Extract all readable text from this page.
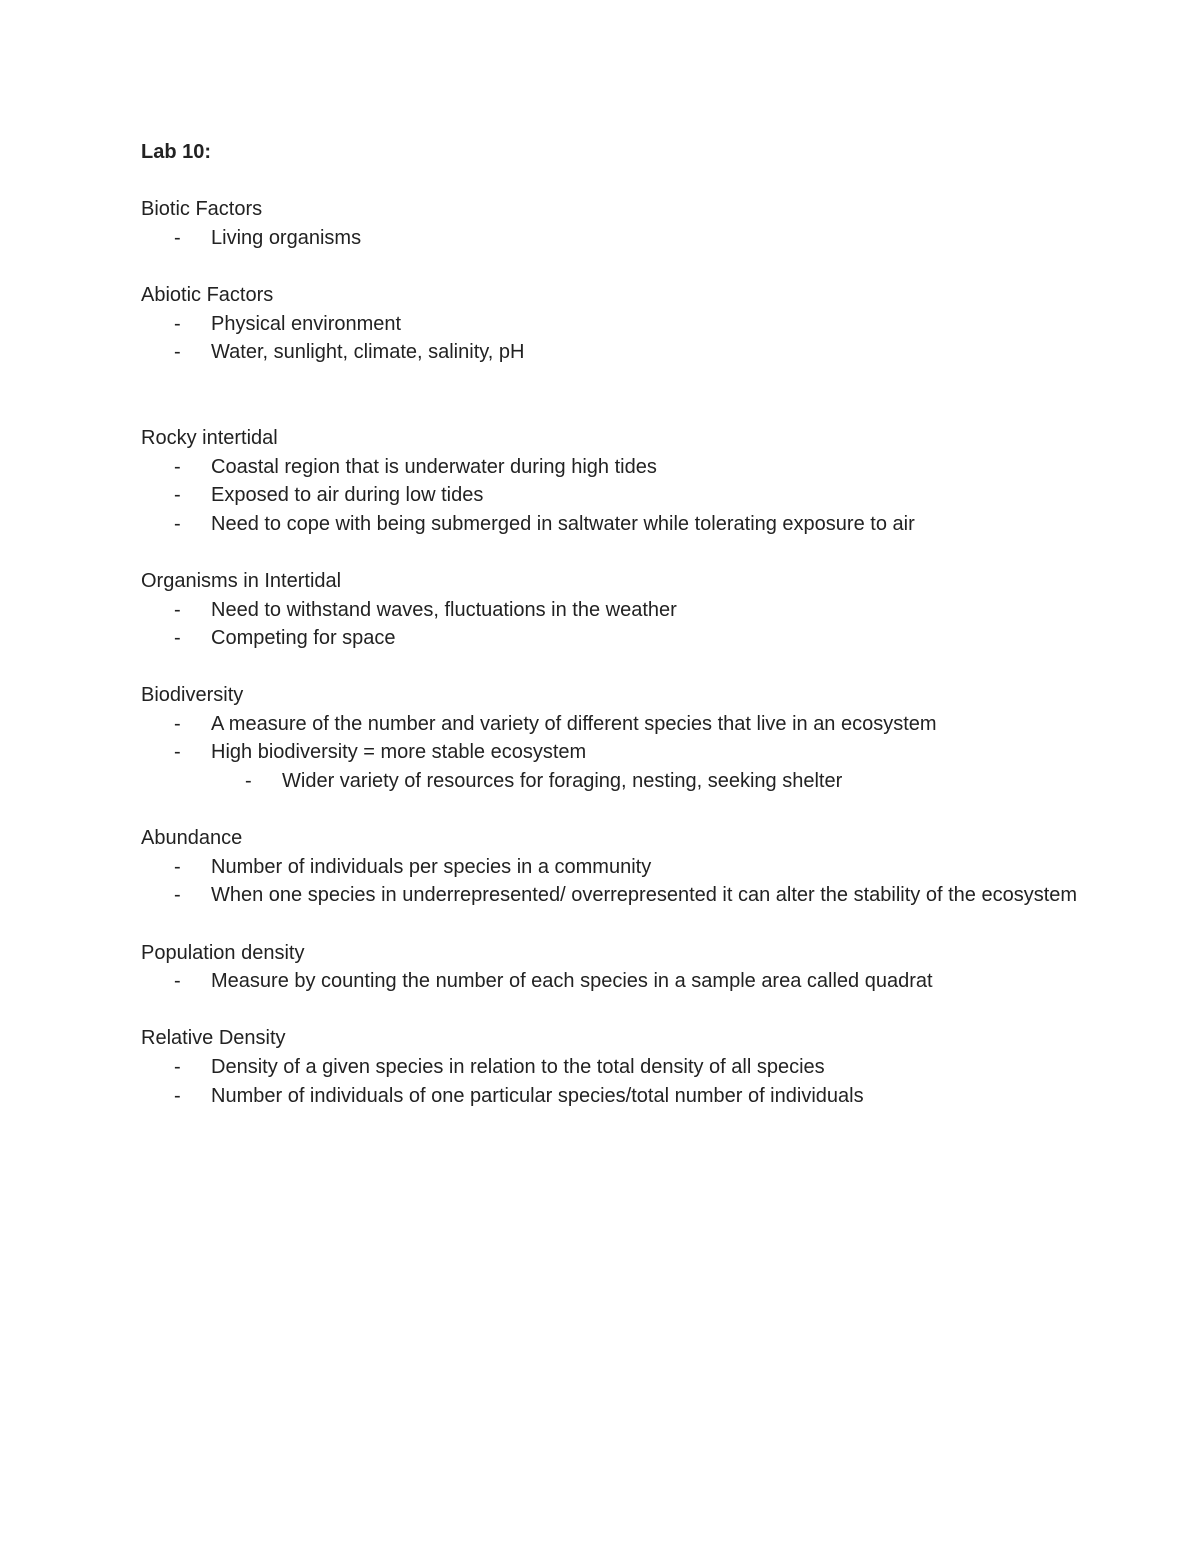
Lab 10:
Biotic Factors
- Living organisms
Abiotic Factors
- Physical environment
- Water, sunlight, climate, salinity, pH
Rocky intertidal
- Coastal region that is underwater during high tides
- Exposed to air during low tides
- Need to cope with being submerged in saltwater while tolerating exposure to air
Organisms in Intertidal
- Need to withstand waves, fluctuations in the weather
- Competing for space
Biodiversity
- A measure of the number and variety of different species that live in an ecosystem
- High biodiversity = more stable ecosystem
- Wider variety of resources for foraging, nesting, seeking shelter
Abundance
- Number of individuals per species in a community
- When one species in underrepresented/ overrepresented it can alter the stability of the ecosystem
Population density
- Measure by counting the number of each species in a sample area called quadrat
Relative Density
- Density of a given species in relation to the total density of all species
- Number of individuals of one particular species/total number of individuals
